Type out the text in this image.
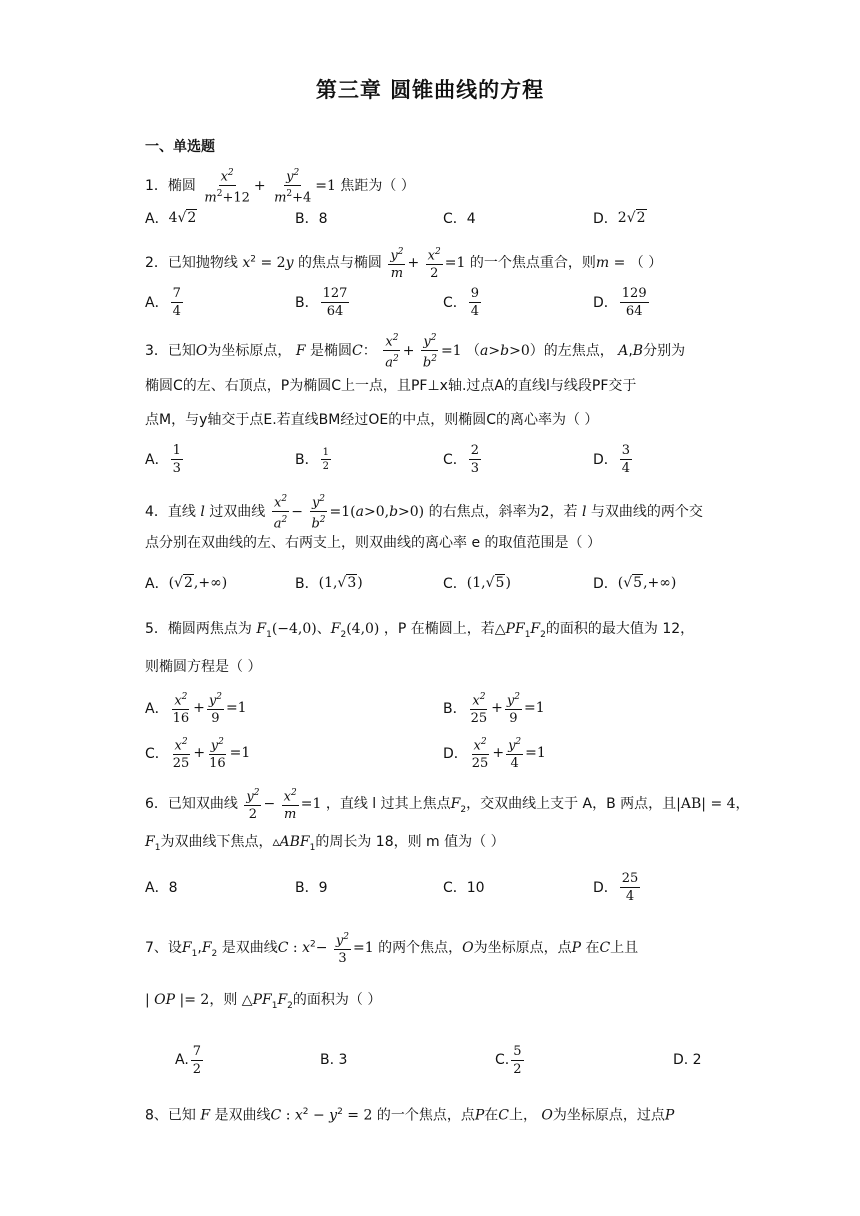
第三章 圆锥曲线的方程
一、单选题
1．椭圆 $\frac{x^2}{m^2+12} + \frac{y^2}{m^2+4} =1$ 焦距为（ ）
A． 4√2	B．8	C．4	D． 2√2
2．已知抛物线 $x^2 = 2y$ 的焦点与椭圆 $\frac{y^2}{m} + \frac{x^2}{2} =1$ 的一个焦点重合，则m = （ ）
A． $\frac{7}{4}$	B． $\frac{127}{64}$	C． $\frac{9}{4}$	D． $\frac{129}{64}$
3．已知O为坐标原点， F 是椭圆C： $\frac{x^2}{a^2} + \frac{y^2}{b^2} =1$ （a>b>0）的左焦点， A,B分别为
椭圆C的左、右顶点，P为椭圆C上一点，且PF⊥x轴.过点A的直线l与线段PF交于
点M，与y轴交于点E.若直线BM经过OE的中点，则椭圆C的离心率为（ ）
A． $\frac{1}{3}$	B． $\frac{1}{2}$	C． $\frac{2}{3}$	D． $\frac{3}{4}$
4．直线 l 过双曲线 $\frac{x^2}{a^2} - \frac{y^2}{b^2} =1(a>0,b>0)$ 的右焦点，斜率为2，若 l 与双曲线的两个交
点分别在双曲线的左、右两支上，则双曲线的离心率 e 的取值范围是（ ）
A． (√2,+∞)	B． (1,√3)	C． (1,√5)	D． (√5,+∞)
5．椭圆两焦点为 $F_1(-4,0)$、$F_2(4,0)$ ，P 在椭圆上，若$\triangle PF_1F_2$的面积的最大值为 12，
则椭圆方程是（ ）
A． $\frac{x^2}{16} + \frac{y^2}{9} =1$	B． $\frac{x^2}{25} + \frac{y^2}{9} =1$
C． $\frac{x^2}{25} + \frac{y^2}{16} =1$	D． $\frac{x^2}{25} + \frac{y^2}{4} =1$
6．已知双曲线 $\frac{y^2}{2} - \frac{x^2}{m} =1$ ，直线 l 过其上焦点$F_2$，交双曲线上支于 A，B 两点，且|AB| = 4，
$F_1$为双曲线下焦点，$▵ABF_1$的周长为 18，则 m 值为（ ）
A．8	B．9	C．10	D． $\frac{25}{4}$
7、设$F_1,F_2$ 是双曲线C : $x^2- \frac{y^2}{3} =1$ 的两个焦点，O为坐标原点，点P 在C上且
| OP |= 2，则 $\triangle PF_1F_2$的面积为（ ）
A. $\frac{7}{2}$	B. 3	C. $\frac{5}{2}$	D. 2
8、已知 F 是双曲线C : $x^2 - y^2 = 2$ 的一个焦点，点P在C上， O为坐标原点，过点P
